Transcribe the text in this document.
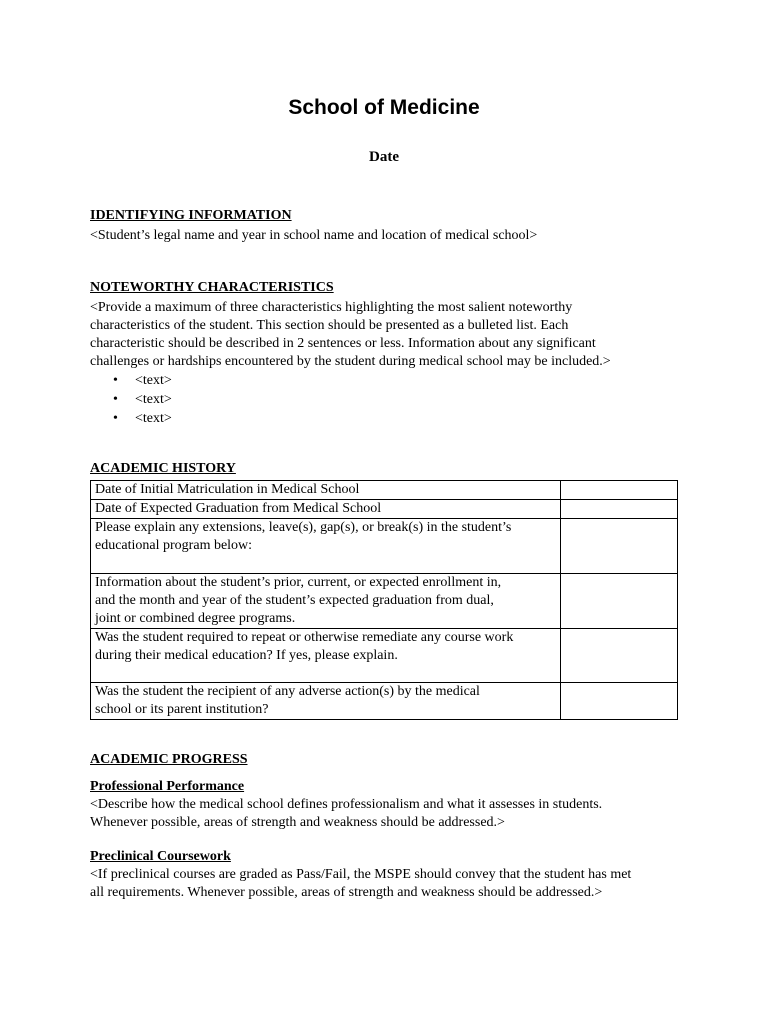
School of Medicine
Date
IDENTIFYING INFORMATION
<Student’s legal name and year in school name and location of medical school>
NOTEWORTHY CHARACTERISTICS
<Provide a maximum of three characteristics highlighting the most salient noteworthy
characteristics of the student. This section should be presented as a bulleted list. Each
characteristic should be described in 2 sentences or less. Information about any significant
challenges or hardships encountered by the student during medical school may be included.>
• <text>
• <text>
• <text>
ACADEMIC HISTORY
Date of Initial Matriculation in Medical School	

Date of Expected Graduation from Medical School	

Please explain any extensions, leave(s), gap(s), or break(s) in the student’s
educational program below:	

Information about the student’s prior, current, or expected enrollment in,
and the month and year of the student’s expected graduation from dual,
joint or combined degree programs.	

Was the student required to repeat or otherwise remediate any course work
during their medical education? If yes, please explain.	

Was the student the recipient of any adverse action(s) by the medical
school or its parent institution?	

ACADEMIC PROGRESS
Professional Performance
<Describe how the medical school defines professionalism and what it assesses in students.
Whenever possible, areas of strength and weakness should be addressed.>
Preclinical Coursework
<If preclinical courses are graded as Pass/Fail, the MSPE should convey that the student has met
all requirements. Whenever possible, areas of strength and weakness should be addressed.>
